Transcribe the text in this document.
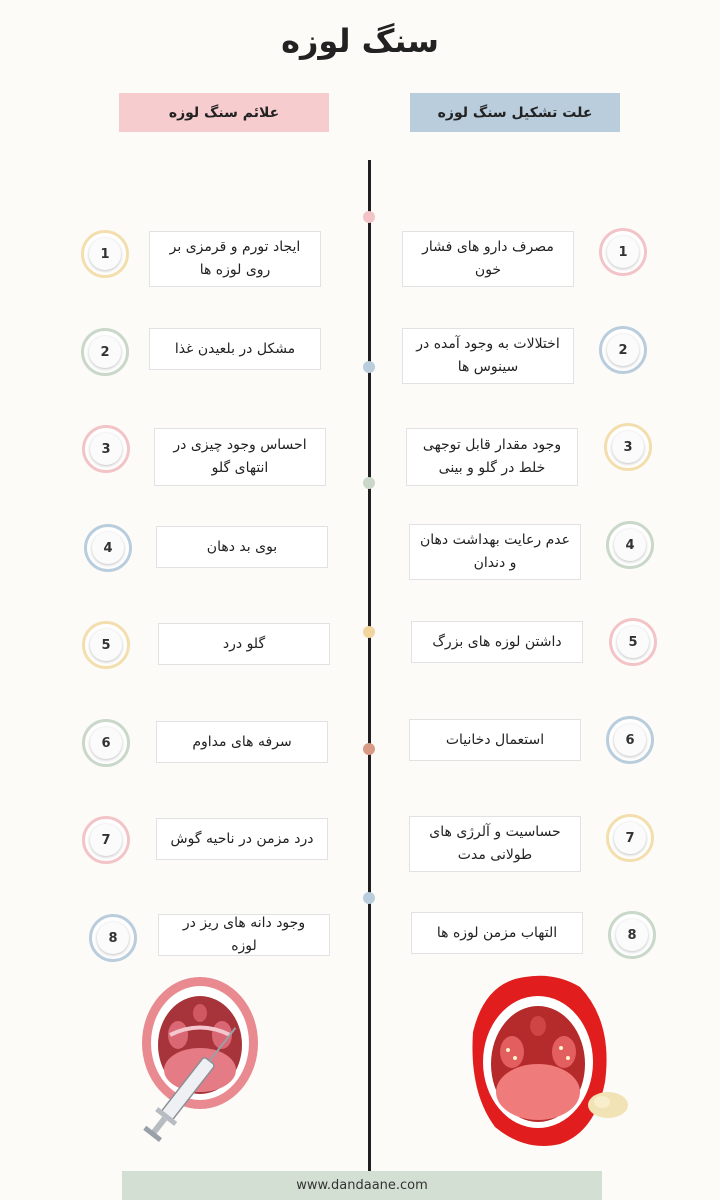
سنگ لوزه
علائم سنگ لوزه	علت تشکیل سنگ لوزه
ایجاد تورم و قرمزی بر روی لوزه ها
1
مشکل در بلعیدن غذا
2
احساس وجود چیزی در انتهای گلو
3
بوی بد دهان
4
گلو درد
5
سرفه های مداوم
6
درد مزمن در ناحیه گوش
7
وجود دانه های ریز در لوزه
8
مصرف دارو های فشار خون
1
اختلالات به وجود آمده در سینوس ها
2
وجود مقدار قابل توجهی خلط در گلو و بینی
3
عدم رعایت بهداشت دهان و دندان
4
داشتن لوزه های بزرگ	5
استعمال دخانیات	6
حساسیت و آلرژی های طولانی مدت
7
التهاب مزمن لوزه ها	8
www.dandaane.com
